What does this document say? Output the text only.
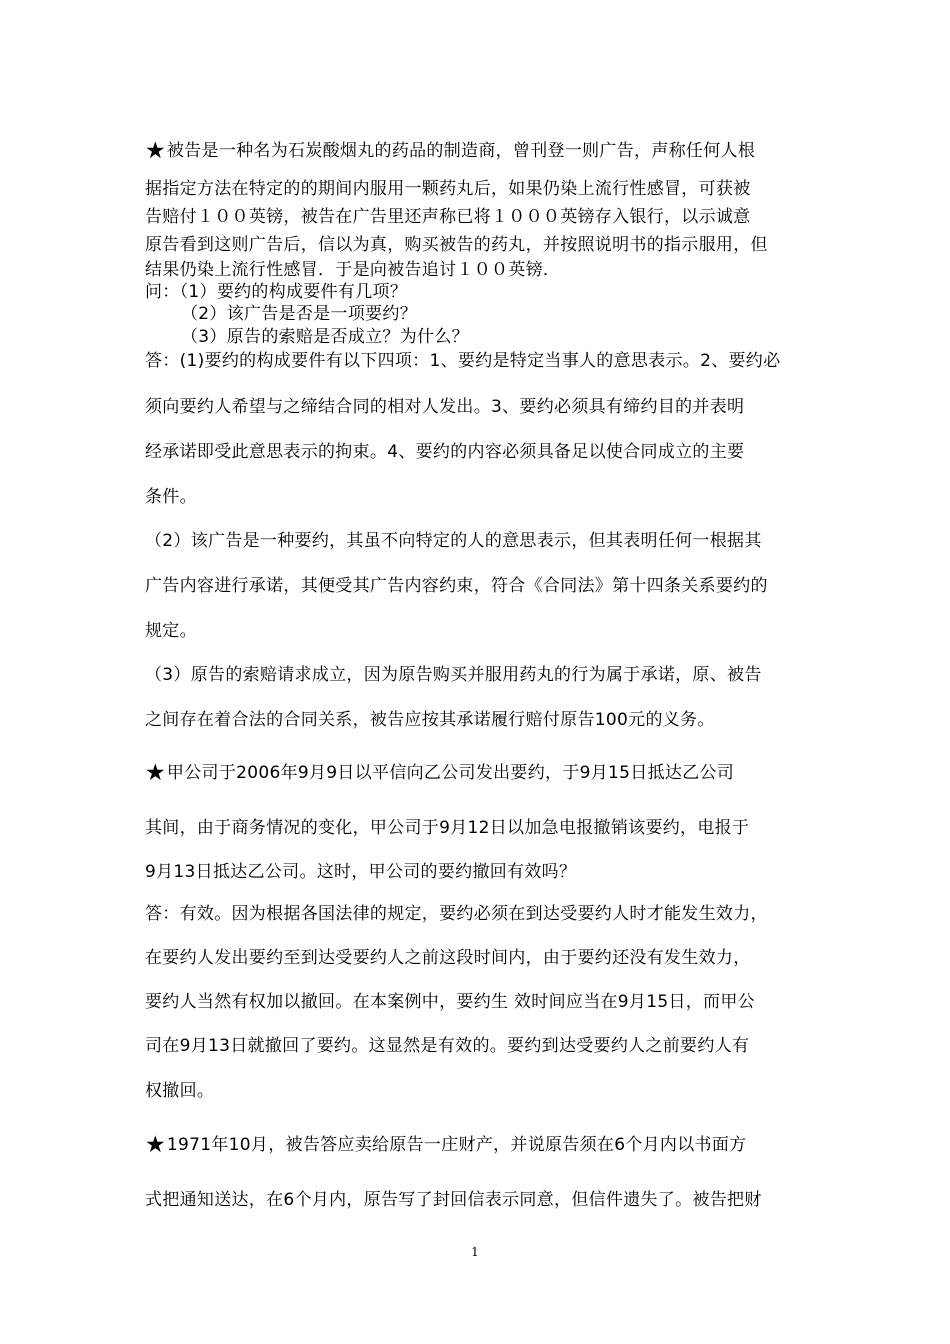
★被告是一种名为石炭酸烟丸的药品的制造商，曾刊登一则广告，声称任何人根
据指定方法在特定的的期间内服用一颗药丸后，如果仍染上流行性感冒，可获被
告赔付１００英镑，被告在广告里还声称已将１０００英镑存入银行，以示诚意
原告看到这则广告后，信以为真，购买被告的药丸，并按照说明书的指示服用，但
结果仍染上流行性感冒．于是向被告追讨１００英镑．
问：（1）要约的构成要件有几项？
（2）该广告是否是一项要约？
（3）原告的索赔是否成立？为什么？
答：(1)要约的构成要件有以下四项：1、要约是特定当事人的意思表示。2、要约必
须向要约人希望与之缔结合同的相对人发出。3、要约必须具有缔约目的并表明
经承诺即受此意思表示的拘束。4、要约的内容必须具备足以使合同成立的主要
条件。
（2）该广告是一种要约，其虽不向特定的人的意思表示，但其表明任何一根据其
广告内容进行承诺，其便受其广告内容约束，符合《合同法》第十四条关系要约的
规定。
（3）原告的索赔请求成立，因为原告购买并服用药丸的行为属于承诺，原、被告
之间存在着合法的合同关系，被告应按其承诺履行赔付原告100元的义务。
★甲公司于2006年9月9日以平信向乙公司发出要约，于9月15日抵达乙公司
其间，由于商务情况的变化，甲公司于9月12日以加急电报撤销该要约，电报于
9月13日抵达乙公司。这时，甲公司的要约撤回有效吗？
答：有效。因为根据各国法律的规定，要约必须在到达受要约人时才能发生效力，
在要约人发出要约至到达受要约人之前这段时间内，由于要约还没有发生效力，
要约人当然有权加以撤回。在本案例中，要约生 效时间应当在9月15日，而甲公
司在9月13日就撤回了要约。这显然是有效的。要约到达受要约人之前要约人有
权撤回。
★1971年10月，被告答应卖给原告一庄财产，并说原告须在6个月内以书面方
式把通知送达，在6个月内，原告写了封回信表示同意，但信件遗失了。被告把财
1
